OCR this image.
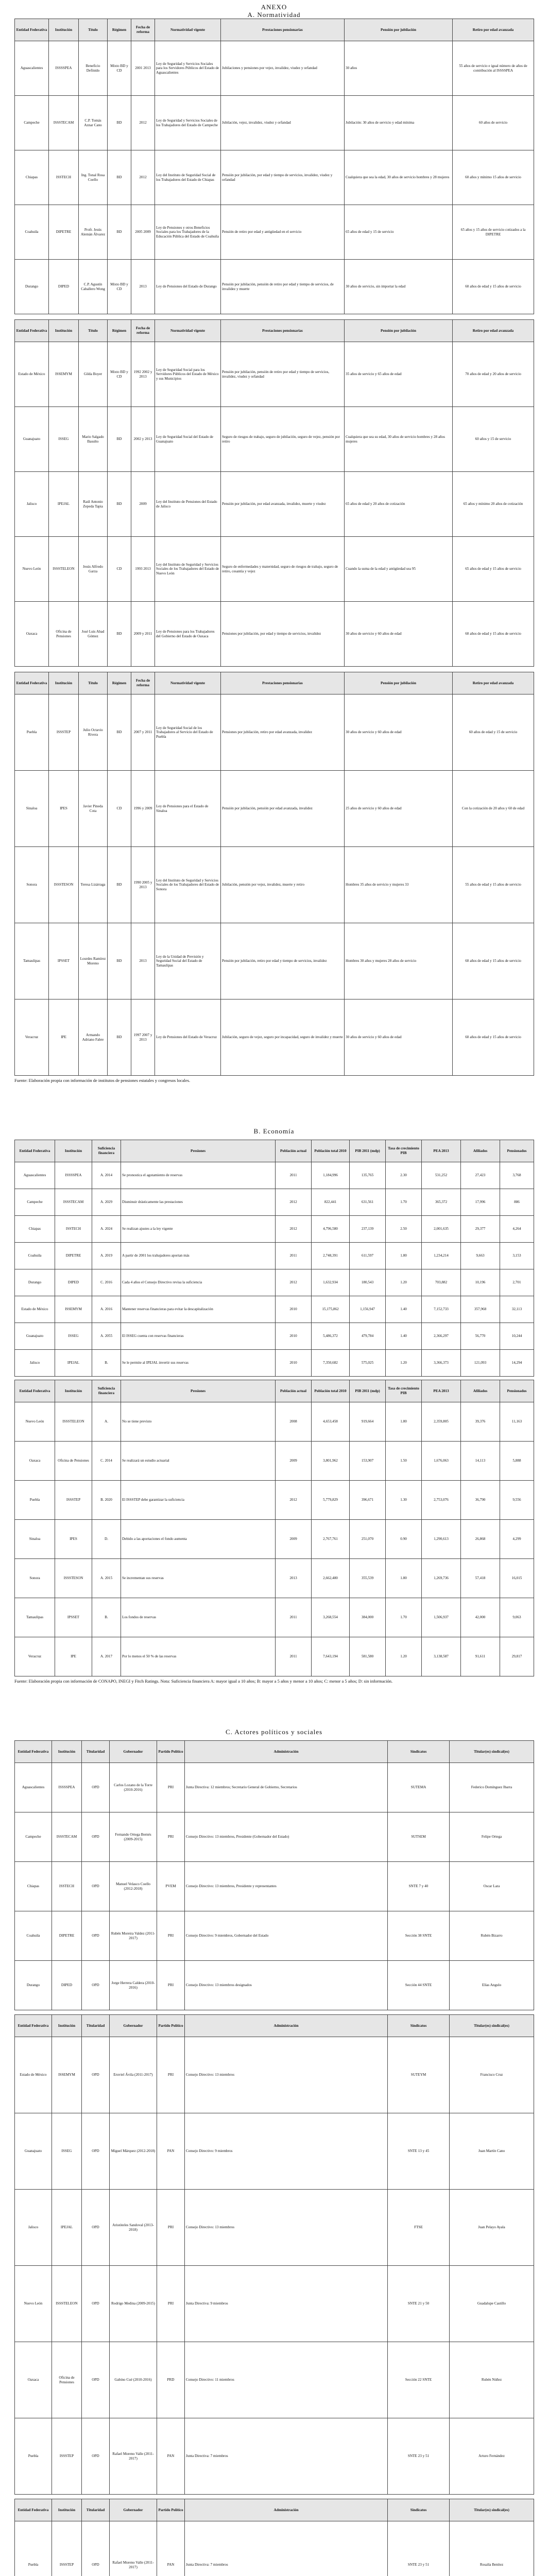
ANEXO
A. Normatividad
Entidad Federativa	Institución	Título	Régimen	Fecha de reforma	Normatividad vigente	Prestaciones pensionarias	Pensión por jubilación	Retiro por edad avanzada
Aguascalientes	ISSSSPEA	Beneficio Definido	Mixto BD y CD	2001 2013	Ley de Seguridad y Servicios Sociales para los Servidores Públicos del Estado de Aguascalientes	Jubilaciones y pensiones por vejez, invalidez, viudez y orfandad	30 años	55 años de servicio e igual número de años de contribución al ISSSSPEA
Campeche	ISSSTECAM	C.P. Tomás Aznar Cano	BD	2012	Ley de Seguridad y Servicios Sociales de los Trabajadores del Estado de Campeche	Jubilación, vejez, invalidez, viudez y orfandad	Jubilación: 30 años de servicio y edad mínima	60 años de servicio
Chiapas	ISSTECH	Ing. Tonal Rosa Coello	BD	2012	Ley del Instituto de Seguridad Social de los Trabajadores del Estado de Chiapas	Pensión por jubilación, por edad y tiempo de servicios, invalidez, viudez y orfandad	Cualquiera que sea la edad, 30 años de servicio hombres y 28 mujeres	60 años y mínimo 15 años de servicio
Coahuila	DIPETRE	Profr. Jesús Alemán Álvarez	BD	2005 2009	Ley de Pensiones y otros Beneficios Sociales para los Trabajadores de la Educación Pública del Estado de Coahuila	Pensión de retiro por edad y antigüedad en el servicio	65 años de edad y 15 de servicio	65 años y 15 años de servicio cotizados a la DIPETRE
Durango	DIPED	C.P. Agustín Caballero Wong	Mixto BD y CD	2013	Ley de Pensiones del Estado de Durango	Pensión por jubilación, pensión de retiro por edad y tiempo de servicios, de invalidez y muerte	30 años de servicio, sin importar la edad	60 años de edad y 15 años de servicio
Entidad Federativa	Institución	Título	Régimen	Fecha de reforma	Normatividad vigente	Prestaciones pensionarias	Pensión por jubilación	Retiro por edad avanzada
Estado de México	ISSEMYM	Gilda Boyer	Mixto BD y CD	1992 2002 y 2013	Ley de Seguridad Social para los Servidores Públicos del Estado de México y sus Municipios	Pensión por jubilación, pensión de retiro por edad y tiempo de servicios, invalidez, viudez y orfandad	35 años de servicio y 65 años de edad	70 años de edad y 20 años de servicio
Guanajuato	ISSEG	Mario Salgado Basulto	BD	2002 y 2013	Ley de Seguridad Social del Estado de Guanajuato	Seguro de riesgos de trabajo, seguro de jubilación, seguro de vejez, pensión por retiro	Cualquiera que sea su edad, 30 años de servicio hombres y 28 años mujeres	60 años y 15 de servicio
Jalisco	IPEJAL	Raúl Antonio Zepeda Tapia	BD	2009	Ley del Instituto de Pensiones del Estado de Jalisco	Pensión por jubilación, por edad avanzada, invalidez, muerte y viudez	65 años de edad y 20 años de cotización	65 años y mínimo 20 años de cotización
Nuevo León	ISSSTELEON	Jesús Alfredo Garza	CD	1993 2013	Ley del Instituto de Seguridad y Servicios Sociales de los Trabajadores del Estado de Nuevo León	Seguro de enfermedades y maternidad, seguro de riesgos de trabajo, seguro de retiro, cesantía y vejez	Cuando la suma de la edad y antigüedad sea 95	65 años de edad y 15 años de servicio
Oaxaca	Oficina de Pensiones	José Luis Abad Gómez	BD	2009 y 2011	Ley de Pensiones para los Trabajadores del Gobierno del Estado de Oaxaca	Pensiones por jubilación, por edad y tiempo de servicios, invalidez	30 años de servicio y 60 años de edad	60 años de edad y 15 años de servicio
Entidad Federativa	Institución	Título	Régimen	Fecha de reforma	Normatividad vigente	Prestaciones pensionarias	Pensión por jubilación	Retiro por edad avanzada
Puebla	ISSSTEP	Julio Octavio Rivera	BD	2007 y 2011	Ley de Seguridad Social de los Trabajadores al Servicio del Estado de Puebla	Pensiones por jubilación, retiro por edad avanzada, invalidez	30 años de servicio y 60 años de edad	60 años de edad y 15 de servicio
Sinaloa	IPES	Javier Pineda Cota	CD	1996 y 2009	Ley de Pensiones para el Estado de Sinaloa	Pensión por jubilación, pensión por edad avanzada, invalidez	25 años de servicio y 60 años de edad	Con la cotización de 20 años y 60 de edad
Sonora	ISSSTESON	Teresa Lizárraga	BD	1990 2005 y 2013	Ley del Instituto de Seguridad y Servicios Sociales de los Trabajadores del Estado de Sonora	Jubilación, pensión por vejez, invalidez, muerte y retiro	Hombres 35 años de servicio y mujeres 33	55 años de edad y 15 años de servicio
Tamaulipas	IPSSET	Lourdes Ramírez Moreno	BD	2013	Ley de la Unidad de Previsión y Seguridad Social del Estado de Tamaulipas	Pensión por jubilación, retiro por edad y tiempo de servicios, invalidez	Hombres 30 años y mujeres 28 años de servicio	60 años de edad y 15 años de servicio
Veracruz	IPE	Armando Adriano Fabre	BD	1997 2007 y 2013	Ley de Pensiones del Estado de Veracruz	Jubilación, seguro de vejez, seguro por incapacidad, seguro de invalidez y muerte	30 años de servicio y 60 años de edad	60 años de edad y 15 años de servicio

Fuente: Elaboración propia con información de institutos de pensiones estatales y congresos locales.

B. Economía

Entidad Federativa	Institución	Suficiencia financiera	Presiones	Población actual	Población total 2010	PIB 2011 (mdp)	Tasa de crecimiento PIB	PEA 2013	Afiliados	Pensionados
Aguascalientes	ISSSSPEA	A. 2014	Se pronostica el agotamiento de reservas	2011	1,184,996	135,765	2.30	531,252	27,423	3,768
Campeche	ISSSTECAM	A. 2029	Disminuir drásticamente las prestaciones	2012	822,441	631,561	1.70	365,372	17,996	886
Chiapas	ISSTECH	A. 2024	Se realizan ajustes a la ley vigente	2012	4,796,580	237,139	2.50	2,001,635	29,377	4,264
Coahuila	DIPETRE	A. 2019	A partir de 2001 los trabajadores aportan más	2011	2,748,391	611,597	1.80	1,234,214	9,663	3,153
Durango	DIPED	C. 2016	Cada 4 años el Consejo Directivo revisa la suficiencia	2012	1,632,934	180,543	1.20	703,882	10,196	2,701
Estado de México	ISSEMYM	A. 2016	Mantener reservas financieras para evitar la descapitalización	2010	15,175,862	1,156,947	1.40	7,152,733	357,968	32,113
Guanajuato	ISSEG	A. 2055	El ISSEG cuenta con reservas financieras	2010	5,486,372	479,784	1.40	2,366,297	56,770	10,244
Jalisco	IPEJAL	B.	Se le permite al IPEJAL invertir sus reservas	2010	7,350,682	575,025	1.20	3,366,373	121,093	14,294
Entidad Federativa	Institución	Suficiencia financiera	Presiones	Población actual	Población total 2010	PIB 2011 (mdp)	Tasa de crecimiento PIB	PEA 2013	Afiliados	Pensionados
Nuevo León	ISSSTELEON	A.	No se tiene previsto	2008	4,653,458	919,664	1.80	2,359,805	39,376	11,163
Oaxaca	Oficina de Pensiones	C. 2014	Se realizará un estudio actuarial	2009	3,801,962	153,907	1.50	1,676,063	14,113	5,888
Puebla	ISSSTEP	B. 2020	El ISSSTEP debe garantizar la suficiencia	2012	5,779,829	396,671	1.30	2,753,076	36,790	9,556
Sinaloa	IPES	D.	Debido a las aportaciones el fondo aumenta	2009	2,767,761	251,070	0.90	1,290,613	26,868	4,299
Sonora	ISSSTESON	A. 2015	Se incrementan sus reservas	2013	2,662,480	355,539	1.80	1,269,736	57,418	16,015
Tamaulipas	IPSSET	B.	Los fondos de reservas	2011	3,268,554	384,000	1.70	1,506,937	42,000	9,063
Veracruz	IPE	A. 2017	Por lo menos el 50 % de las reservas	2011	7,643,194	581,580	1.20	3,138,587	91,611	29,817

Fuente: Elaboración propia con información de CONAPO, INEGI y Fitch Ratings. Nota: Suficiencia financiera A: mayor igual a 10 años; B: mayor a 5 años y menor a 10 años; C: menor a 5 años; D: sin información.

C. Actores políticos y sociales

Entidad Federativa	Institución	Titularidad	Gobernador	Partido Político	Administración	Sindicatos	Titular(es) sindical(es)
Aguascalientes	ISSSSPEA	OPD	Carlos Lozano de la Torre (2010-2016)	PRI	Junta Directiva: 12 miembros; Secretario General de Gobierno, Secretarios	SUTEMA	Federico Domínguez Ibarra
Campeche	ISSSTECAM	OPD	Fernando Ortega Bernés (2009-2015)	PRI	Consejo Directivo: 13 miembros, Presidente (Gobernador del Estado)	SUTSEM	Felipe Ortega
Chiapas	ISSTECH	OPD	Manuel Velasco Coello (2012-2018)	PVEM	Consejo Directivo: 13 miembros, Presidente y representantes	SNTE 7 y 40	Oscar Lara
Coahuila	DIPETRE	OPD	Rubén Moreira Valdez (2011-2017)	PRI	Consejo Directivo: 9 miembros, Gobernador del Estado	Sección 38 SNTE	Rubén Bizarro
Durango	DIPED	OPD	Jorge Herrera Caldera (2010-2016)	PRI	Consejo Directivo: 13 miembros designados	Sección 44 SNTE	Elías Angulo
Entidad Federativa	Institución	Titularidad	Gobernador	Partido Político	Administración	Sindicatos	Titular(es) sindical(es)
Estado de México	ISSEMYM	OPD	Eruviel Ávila (2011-2017)	PRI	Consejo Directivo: 13 miembros	SUTEYM	Francisco Cruz
Guanajuato	ISSEG	OPD	Miguel Márquez (2012-2018)	PAN	Consejo Directivo: 9 miembros	SNTE 13 y 45	Juan Martín Cano
Jalisco	IPEJAL	OPD	Aristóteles Sandoval (2013-2018)	PRI	Consejo Directivo: 13 miembros	FTSE	Juan Pelayo Ayala
Nuevo León	ISSSTELEON	OPD	Rodrigo Medina (2009-2015)	PRI	Junta Directiva: 9 miembros	SNTE 21 y 50	Guadalupe Castillo
Oaxaca	Oficina de Pensiones	OPD	Gabino Cué (2010-2016)	PRD	Consejo Directivo: 11 miembros	Sección 22 SNTE	Rubén Núñez
Puebla	ISSSTEP	OPD	Rafael Moreno Valle (2011-2017)	PAN	Junta Directiva: 7 miembros	SNTE 23 y 51	Arturo Fernández
Entidad Federativa	Institución	Titularidad	Gobernador	Partido Político	Administración	Sindicatos	Titular(es) sindical(es)
Puebla	ISSSTEP	OPD	Rafael Moreno Valle (2011-2017)	PAN	Junta Directiva: 7 miembros	SNTE 23 y 51	Rosalía Benítez
